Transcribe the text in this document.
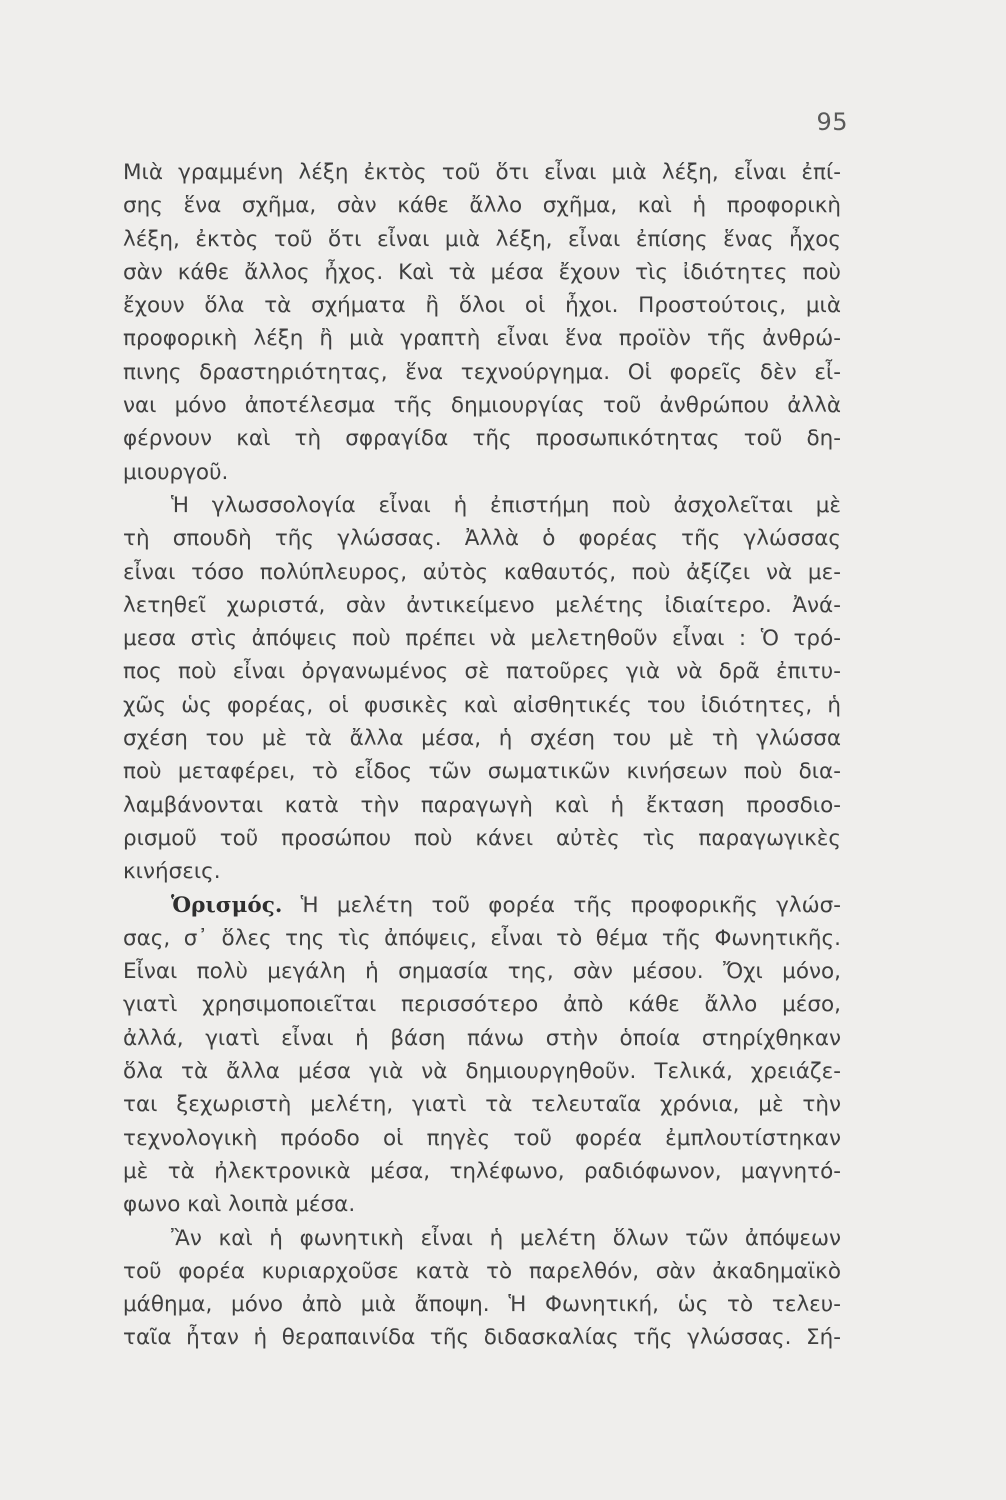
95
Μιὰ γραμμένη λέξη ἐκτὸς τοῦ ὅτι εἶναι μιὰ λέξη, εἶναι ἐπί-
σης ἕνα σχῆμα, σὰν κάθε ἄλλο σχῆμα, καὶ ἡ προφορικὴ
λέξη, ἐκτὸς τοῦ ὅτι εἶναι μιὰ λέξη, εἶναι ἐπίσης ἕνας ἦχος
σὰν κάθε ἄλλος ἦχος. Καὶ τὰ μέσα ἔχουν τὶς ἰδιότητες ποὺ
ἔχουν ὅλα τὰ σχήματα ἢ ὅλοι οἱ ἦχοι. Προστούτοις, μιὰ
προφορικὴ λέξη ἢ μιὰ γραπτὴ εἶναι ἕνα προϊὸν τῆς ἀνθρώ-
πινης δραστηριότητας, ἕνα τεχνούργημα. Οἱ φορεῖς δὲν εἶ-
ναι μόνο ἀποτέλεσμα τῆς δημιουργίας τοῦ ἀνθρώπου ἀλλὰ
φέρνουν καὶ τὴ σφραγίδα τῆς προσωπικότητας τοῦ δη-
μιουργοῦ.
Ἡ γλωσσολογία εἶναι ἡ ἐπιστήμη ποὺ ἀσχολεῖται μὲ
τὴ σπουδὴ τῆς γλώσσας. Ἀλλὰ ὁ φορέας τῆς γλώσσας
εἶναι τόσο πολύπλευρος, αὐτὸς καθαυτός, ποὺ ἀξίζει νὰ με-
λετηθεῖ χωριστά, σὰν ἀντικείμενο μελέτης ἰδιαίτερο. Ἀνά-
μεσα στὶς ἀπόψεις ποὺ πρέπει νὰ μελετηθοῦν εἶναι : Ὁ τρό-
πος ποὺ εἶναι ὀργανωμένος σὲ πατοῦρες γιὰ νὰ δρᾶ ἐπιτυ-
χῶς ὡς φορέας, οἱ φυσικὲς καὶ αἰσθητικές του ἰδιότητες, ἡ
σχέση του μὲ τὰ ἄλλα μέσα, ἡ σχέση του μὲ τὴ γλώσσα
ποὺ μεταφέρει, τὸ εἶδος τῶν σωματικῶν κινήσεων ποὺ δια-
λαμβάνονται κατὰ τὴν παραγωγὴ καὶ ἡ ἔκταση προσδιο-
ρισμοῦ τοῦ προσώπου ποὺ κάνει αὐτὲς τὶς παραγωγικὲς
κινήσεις.
Ὁρισμός. Ἡ μελέτη τοῦ φορέα τῆς προφορικῆς γλώσ-
σας, σ᾽ ὅλες της τὶς ἀπόψεις, εἶναι τὸ θέμα τῆς Φωνητικῆς.
Εἶναι πολὺ μεγάλη ἡ σημασία της, σὰν μέσου. Ὄχι μόνο,
γιατὶ χρησιμοποιεῖται περισσότερο ἀπὸ κάθε ἄλλο μέσο,
ἀλλά, γιατὶ εἶναι ἡ βάση πάνω στὴν ὁποία στηρίχθηκαν
ὅλα τὰ ἄλλα μέσα γιὰ νὰ δημιουργηθοῦν. Τελικά, χρειάζε-
ται ξεχωριστὴ μελέτη, γιατὶ τὰ τελευταῖα χρόνια, μὲ τὴν
τεχνολογικὴ πρόοδο οἱ πηγὲς τοῦ φορέα ἐμπλουτίστηκαν
μὲ τὰ ἠλεκτρονικὰ μέσα, τηλέφωνο, ραδιόφωνον, μαγνητό-
φωνο καὶ λοιπὰ μέσα.
Ἂν καὶ ἡ φωνητικὴ εἶναι ἡ μελέτη ὅλων τῶν ἀπόψεων
τοῦ φορέα κυριαρχοῦσε κατὰ τὸ παρελθόν, σὰν ἀκαδημαϊκὸ
μάθημα, μόνο ἀπὸ μιὰ ἄποψη. Ἡ Φωνητική, ὡς τὸ τελευ-
ταῖα ἦταν ἡ θεραπαινίδα τῆς διδασκαλίας τῆς γλώσσας. Σή-
